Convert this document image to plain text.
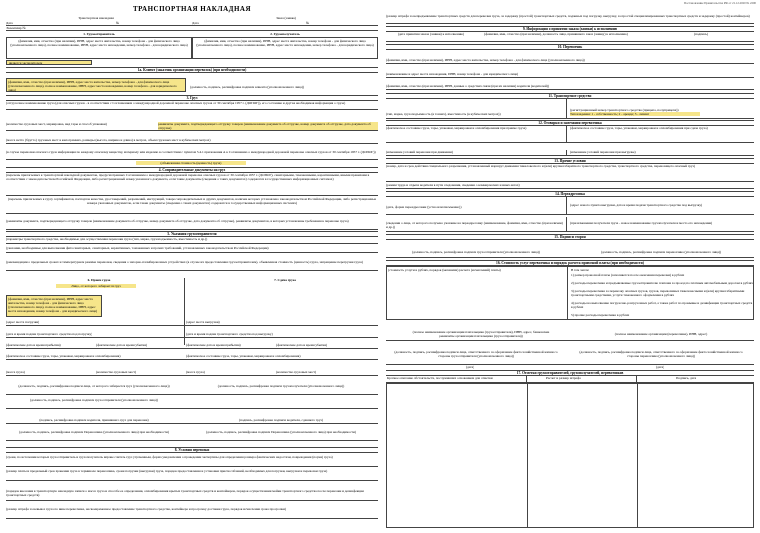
Постановление Правительства РФ от 21.12.2020 № 2200
ТРАНСПОРТНАЯ НАКЛАДНАЯ
Транспортная накладная	Заказ (заявка)
Дата	№	Дата	№
Экземпляр №
1. Грузоотправитель	2. Грузополучатель
(фамилия, имя, отчество (при наличии), ИНН, адрес места жительства, номер телефона - для физического лица (уполномоченного лица), полное наименование, ИНН, адрес места нахождения, номер телефона - для юридического лица)
(фамилия, имя, отчество (при наличии), ИНН, адрес места жительства, номер телефона - для физического лица (уполномоченного лица), полное наименование, ИНН, адрес места нахождения, номер телефона - для юридического лица)
является экспедитором
1а. Клиент (заказчик организации перевозок) (при необходимости)
(фамилия, имя, отчество (при наличии), ИНН, адрес места жительства, номер телефона - для физического лица (уполномоченного лица), полное наименование, ИНН, адрес места нахождения, номер телефона - для юридического лица)
(должность, подпись, расшифровка подписи клиента (уполномоченного лица))
3. Груз
(отгрузочное наименование груза (для опасных грузов - в соответствии с Соглашением о международной дорожной перевозке опасных грузов от 30 сентября 1957 г. (ДОПОГ)), его состояние и другая необходимая информация о грузе)
(количество грузовых мест, маркировка, вид тары и способ упаковки)	реквизиты документа, подтверждающего отгрузку товаров (наименование документа об отгрузке, номер документа об отгрузке, дата документа об отгрузке)
(масса нетто (брутто) грузовых мест в килограммах, размеры (высота, ширина и длина) в метрах, объем грузовых мест в кубических метрах)
(в случае перевозки опасного груза информация по каждому опасному веществу, материалу или изделию в соответствии с пунктом 5.4.1 приложения А к Соглашению о международной дорожной перевозке опасных грузов от 30 сентября 1957 г. (ДОПОГ))
(объявленная стоимость (ценность) груза)
4. Сопроводительные документы на груз
(перечень прилагаемых к транспортной накладной документов, предусмотренных Соглашением о международной дорожной перевозке опасных грузов от 30 сентября 1957 г. (ДОПОГ), санитарными, таможенными, карантинными, иными правилами в соответствии с законодательством Российской Федерации, либо регистрационный номер указанного документа, если такие документы (сведения о таких документах) содержатся в государственных информационных системах)
(перечень прилагаемых к грузу сертификатов, паспортов качества, удостоверений, разрешений, инструкций, товаросопроводительных и других документов, наличие которых установлено законодательством Российской Федерации, либо регистрационные номера указанных документов, если такие документы (сведения о таких документах) содержатся в государственных информационных системах)
(реквизиты документа, подтверждающего отгрузку товаров (наименование документа об отгрузке, номер документа об отгрузке, дата документа об отгрузке), реквизиты документов, в которых установлены требования к перевозке груза)
5. Указания грузоотправителя
(параметры транспортного средства, необходимые для осуществления перевозки груза (тип, марка, грузоподъемность, вместимость и др.))
(указания, необходимые для выполнения фитосанитарных, санитарных, карантинных, таможенных и прочих требований, установленных законодательством Российской Федерации)
(рекомендации о предельных сроках и температурном режиме перевозки, сведения о запорно-пломбировочных устройствах (в случае их предоставления грузоотправителем), объявленная стоимость (ценность) груза, запрещение перегрузки груза)
6. Прием груза	7. Сдача груза
Лицо, от которого забирается груз
(фамилия, имя, отчество (при наличии), ИНН, адрес места жительства, номер телефона - для физического лица (уполномоченного лица), полное наименование, ИНН, адрес места нахождения, номер телефона - для юридического лица)
(адрес места погрузки)	(адрес места выгрузки)
(дата и время подачи транспортного средства под погрузку)	(дата и время подачи транспортного средства под выгрузку)
(фактические дата и время прибытия)	(фактические дата и время убытия)	(фактические дата и время прибытия)	(фактические дата и время убытия)
(фактическое состояние груза, тары, упаковки, маркировки и опломбирования)	(фактическое состояние груза, тары, упаковки, маркировки и опломбирования)
(масса груза)	(количество грузовых мест)	(масса груза)	(количество грузовых мест)
(должность, подпись, расшифровка подписи лица, от которого забирается груз (уполномоченного лица))	(должность, подпись, расшифровка подписи грузополучателя (уполномоченного лица))
(должность, подпись, расшифровка подписи грузоотправителя (уполномоченного лица))
(подпись, расшифровка подписи водителя, принявшего груз для перевозки)	(подпись, расшифровка подписи водителя, сдавшего груз)
(должность, подпись, расшифровка подписи Перевозчика (уполномоченного лица) при необходимости)	(должность, подпись, расшифровка подписи Перевозчика (уполномоченного лица) при необходимости)
8. Условия перевозки
(сроки, по истечении которых грузоотправитель и грузополучатель вправе считать груз утраченным, форма уведомления о проведении экспертизы для определения размера фактических недостачи, повреждения (порчи) груза)
(размер платы и предельный срок хранения груза в терминале перевозчика, сроки погрузки (выгрузки) груза, порядок предоставления и установки приспособлений, необходимых для погрузки, выгрузки и перевозки груза)
(порядок внесения в транспортную накладную записи о массе груза и способе ее определения, опломбирования крытых транспортных средств и контейнеров, порядок осуществления мойки транспортного средства после перевозки и дезинфекции транспортных средств)
(размер штрафа за невывоз груза по вине перевозчика, несвоевременное предоставление транспортного средства, контейнера и просрочку доставки груза, порядок исчисления срока просрочки)
(размер штрафа за непредъявление транспортных средств для перевозки груза, за задержку (простой) транспортных средств, поданных под погрузку, выгрузку, за простой специализированных транспортных средств и задержку (простой) контейнеров)
9. Информация о принятии заказа (заявки) к исполнению
(дата принятия заказа (заявки) к исполнению)	(фамилия, имя, отчество (при наличии), должность лица, принявшего заказ (заявку) к исполнению)	(подпись)
10. Перевозчик
(фамилия, имя, отчество (при наличии), ИНН, адрес места жительства, номер телефона - для физического лица (уполномоченного лица))
(наименование и адрес места нахождения, ИНН, номер телефона - для юридического лица)
(фамилия, имя, отчество (при наличии), ИНН, данные о средствах связи (при их наличии) водителя (водителей))
11. Транспортное средство
(тип, марка, грузоподъемность (в тоннах), вместимость (в кубических метрах))
(регистрационный номер транспортного средства (прицепа, полуприцепа))
Тип владения: 1 - собственность; 2 - аренда; 3 - лизинг
12. Оговорки и замечания перевозчика
(фактическое состояние груза, тары, упаковки, маркировки и опломбирования при приеме груза)	(фактическое состояние груза, тары, упаковки, маркировки и опломбирования при сдаче груза)
(изменение условий перевозки при движении)	(изменение условий перевозки при выгрузке)
13. Прочие условия
(номер, дата и срок действия специального разрешения, установленный маршрут движения тяжеловесного и (или) крупногабаритного транспортного средства, транспортного средства, перевозящего опасный груз)
(режим труда и отдыха водителя в пути следования, сведения о коммерческих и иных актах)
14. Переадресовка
(дата, форма переадресовки (устно или письменно))	(адрес нового пункта выгрузки, дата и время подачи транспортного средства под выгрузку)
(сведения о лице, от которого получено указание на переадресовку (наименование, фамилия, имя, отчество (при наличии) и др.))
(при изменении получателя груза - новое наименование грузополучателя и место его нахождения)
15. Подписи сторон
(должность, подпись, расшифровка подписи грузоотправителя (уполномоченного лица))	(должность, подпись, расшифровка подписи перевозчика (уполномоченного лица))
16. Стоимость услуг перевозчика и порядок расчета провозной платы (при необходимости)
(стоимость услуги в рублях, порядок (механизм) расчета (исчислений) платы)	В том числе:
1) размер провозной платы (заполняется после окончания перевозки) в рублях
2) расходы перевозчика и предъявляемые грузоотправителю платежи за проезд по платным автомобильным дорогам в рублях
3) расходы перевозчика за перевозку опасных грузов, грузов, перевозимых тяжеловесными и (или) крупногабаритными транспортными средствами, услуги таможенного оформления в рублях
4) расходы на выполнение погрузочно-разгрузочных работ, а также работ по промывке и дезинфекции транспортных средств в рублях
5) прочие расходы перевозчика в рублях
(полное наименование организации плательщика (грузоотправителя), ИНН, адрес, банковские реквизиты организации плательщика (грузоотправителя))	(полное наименование организации (перевозчика), ИНН, адрес)
(должность, подпись, расшифровка подписи лица, ответственного за оформление факта хозяйственной жизни со стороны грузоотправителя (уполномоченного лица))
(должность, подпись, расшифровка подписи лица, ответственного за оформление факта хозяйственной жизни со стороны перевозчика (уполномоченного лица))
(дата)	(дата)
17. Отметки грузоотправителей, грузополучателей, перевозчиков
Краткое описание обстоятельств, послуживших основанием для отметки	Расчет и размер штрафа	Подпись, дата
